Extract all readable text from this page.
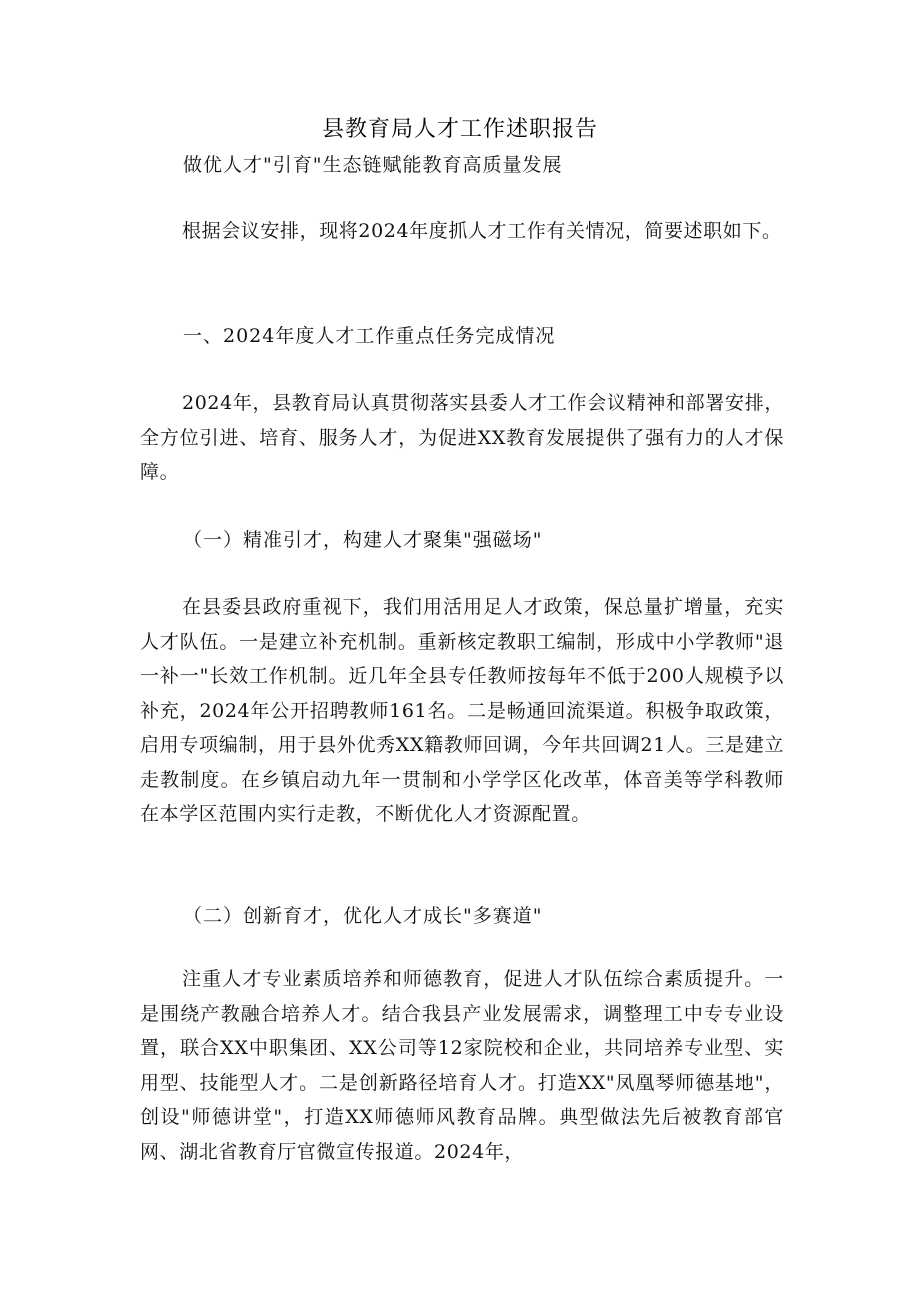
县教育局人才工作述职报告
做优人才"引育"生态链赋能教育高质量发展
根据会议安排，现将2024年度抓人才工作有关情况，简要述职如下。
一、2024年度人才工作重点任务完成情况
2024年，县教育局认真贯彻落实县委人才工作会议精神和部署安排，全方位引进、培育、服务人才，为促进XX教育发展提供了强有力的人才保障。
（一）精准引才，构建人才聚集"强磁场"
在县委县政府重视下，我们用活用足人才政策，保总量扩增量，充实人才队伍。一是建立补充机制。重新核定教职工编制，形成中小学教师"退一补一"长效工作机制。近几年全县专任教师按每年不低于200人规模予以补充，2024年公开招聘教师161名。二是畅通回流渠道。积极争取政策，启用专项编制，用于县外优秀XX籍教师回调，今年共回调21人。三是建立走教制度。在乡镇启动九年一贯制和小学学区化改革，体音美等学科教师在本学区范围内实行走教，不断优化人才资源配置。
（二）创新育才，优化人才成长"多赛道"
注重人才专业素质培养和师德教育，促进人才队伍综合素质提升。一是围绕产教融合培养人才。结合我县产业发展需求，调整理工中专专业设置，联合XX中职集团、XX公司等12家院校和企业，共同培养专业型、实用型、技能型人才。二是创新路径培育人才。打造XX"凤凰琴师德基地"，创设"师德讲堂"，打造XX师德师风教育品牌。典型做法先后被教育部官网、湖北省教育厅官微宣传报道。2024年，
